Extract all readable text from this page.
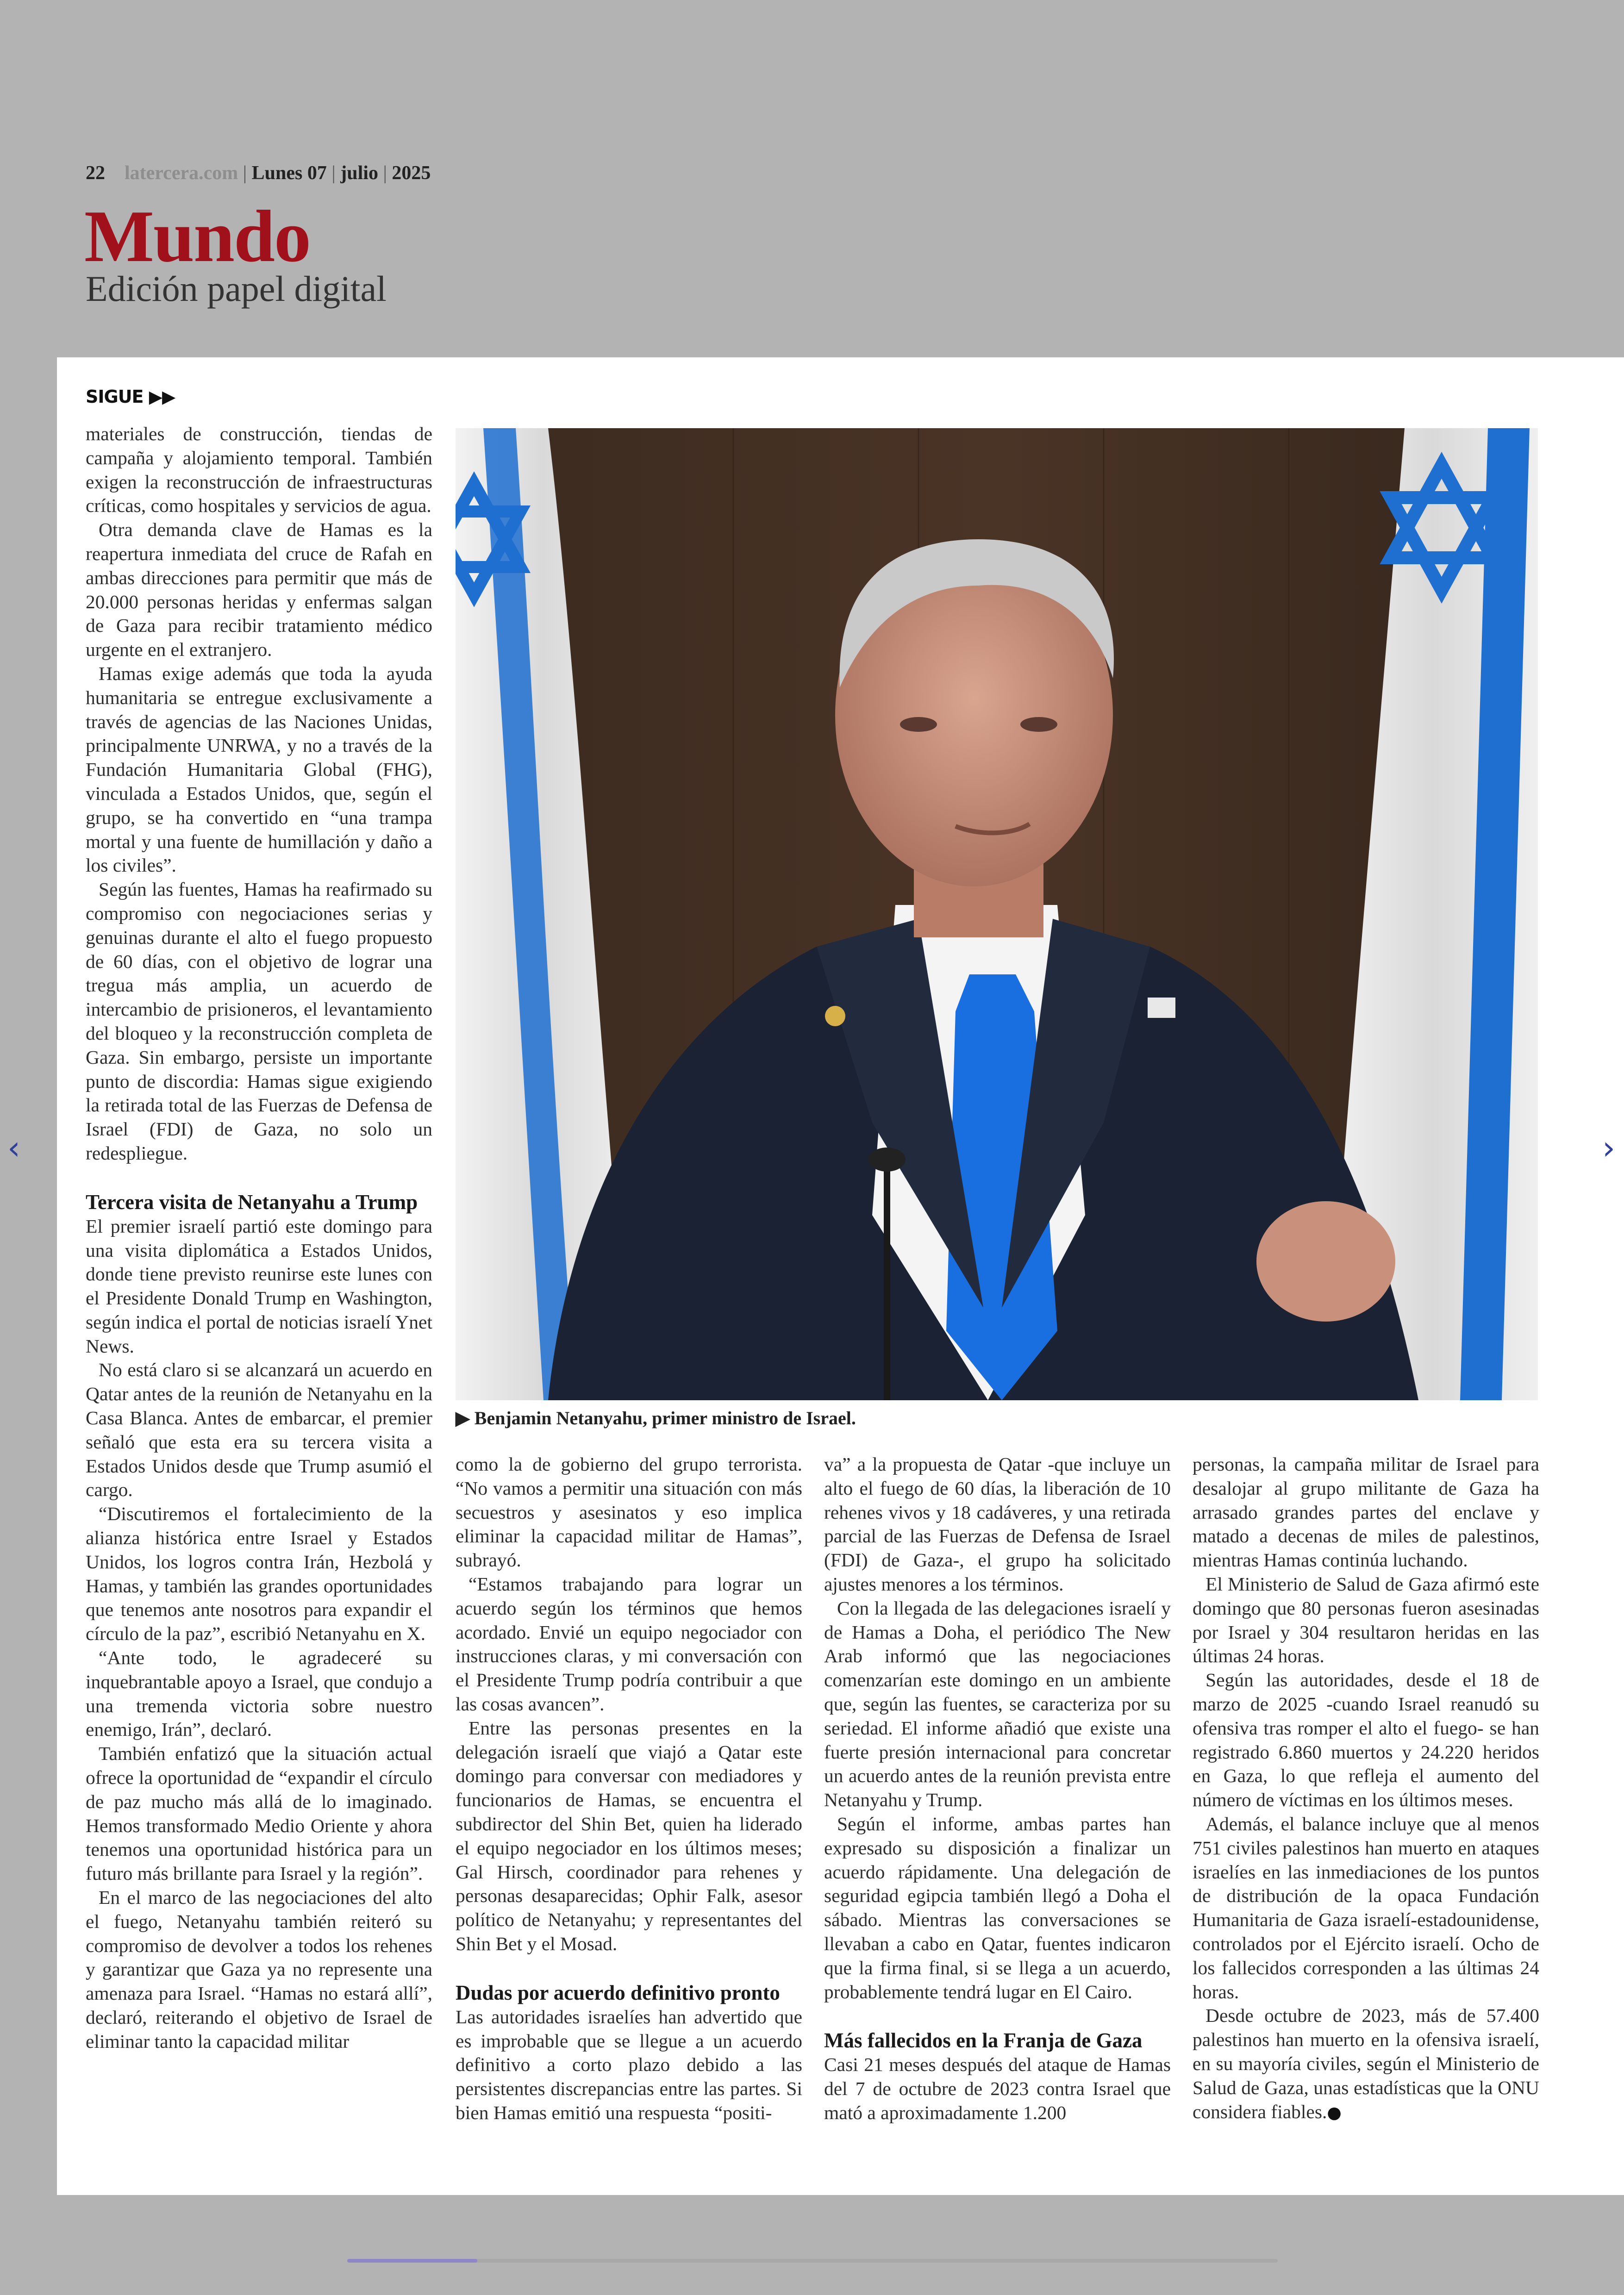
22 latercera.com | Lunes 07 | julio | 2025
Mundo
Edición papel digital
SIGUE ▶▶

materiales de construcción, tiendas de campaña y alojamiento temporal. También exigen la reconstrucción de infraestructuras críticas, como hospitales y servicios de agua.

Otra demanda clave de Hamas es la reapertura inmediata del cruce de Rafah en ambas direcciones para permitir que más de 20.000 personas heridas y enfermas salgan de Gaza para recibir tratamiento médico urgente en el extranjero.

Hamas exige además que toda la ayuda humanitaria se entregue exclusivamente a través de agencias de las Naciones Unidas, principalmente UNRWA, y no a través de la Fundación Humanitaria Global (FHG), vinculada a Estados Unidos, que, según el grupo, se ha convertido en “una trampa mortal y una fuente de humillación y daño a los civiles”.

Según las fuentes, Hamas ha reafirmado su compromiso con negociaciones serias y genuinas durante el alto el fuego propuesto de 60 días, con el objetivo de lograr una tregua más amplia, un acuerdo de intercambio de prisioneros, el levantamiento del bloqueo y la reconstrucción completa de Gaza. Sin embargo, persiste un importante punto de discordia: Hamas sigue exigiendo la retirada total de las Fuerzas de Defensa de Israel (FDI) de Gaza, no solo un redespliegue.

Tercera visita de Netanyahu a Trump

El premier israelí partió este domingo para una visita diplomática a Estados Unidos, donde tiene previsto reunirse este lunes con el Presidente Donald Trump en Washington, según indica el portal de noticias israelí Ynet News.

No está claro si se alcanzará un acuerdo en Qatar antes de la reunión de Netanyahu en la Casa Blanca. Antes de embarcar, el premier señaló que esta era su tercera visita a Estados Unidos desde que Trump asumió el cargo.

“Discutiremos el fortalecimiento de la alianza histórica entre Israel y Estados Unidos, los logros contra Irán, Hezbolá y Hamas, y también las grandes oportunidades que tenemos ante nosotros para expandir el círculo de la paz”, escribió Netanyahu en X.

“Ante todo, le agradeceré su inquebrantable apoyo a Israel, que condujo a una tremenda victoria sobre nuestro enemigo, Irán”, declaró.

También enfatizó que la situación actual ofrece la oportunidad de “expandir el círculo de paz mucho más allá de lo imaginado. Hemos transformado Medio Oriente y ahora tenemos una oportunidad histórica para un futuro más brillante para Israel y la región”.

En el marco de las negociaciones del alto el fuego, Netanyahu también reiteró su compromiso de devolver a todos los rehenes y garantizar que Gaza ya no represente una amenaza para Israel. “Hamas no estará allí”, declaró, reiterando el objetivo de Israel de eliminar tanto la capacidad militar

▶ Benjamin Netanyahu, primer ministro de Israel.

como la de gobierno del grupo terrorista. “No vamos a permitir una situación con más secuestros y asesinatos y eso implica eliminar la capacidad militar de Hamas”, subrayó.

“Estamos trabajando para lograr un acuerdo según los términos que hemos acordado. Envié un equipo negociador con instrucciones claras, y mi conversación con el Presidente Trump podría contribuir a que las cosas avancen”.

Entre las personas presentes en la delegación israelí que viajó a Qatar este domingo para conversar con mediadores y funcionarios de Hamas, se encuentra el subdirector del Shin Bet, quien ha liderado el equipo negociador en los últimos meses; Gal Hirsch, coordinador para rehenes y personas desaparecidas; Ophir Falk, asesor político de Netanyahu; y representantes del Shin Bet y el Mosad.

Dudas por acuerdo definitivo pronto

Las autoridades israelíes han advertido que es improbable que se llegue a un acuerdo definitivo a corto plazo debido a las persistentes discrepancias entre las partes. Si bien Hamas emitió una respuesta “positi-

va” a la propuesta de Qatar -que incluye un alto el fuego de 60 días, la liberación de 10 rehenes vivos y 18 cadáveres, y una retirada parcial de las Fuerzas de Defensa de Israel (FDI) de Gaza-, el grupo ha solicitado ajustes menores a los términos.

Con la llegada de las delegaciones israelí y de Hamas a Doha, el periódico The New Arab informó que las negociaciones comenzarían este domingo en un ambiente que, según las fuentes, se caracteriza por su seriedad. El informe añadió que existe una fuerte presión internacional para concretar un acuerdo antes de la reunión prevista entre Netanyahu y Trump.

Según el informe, ambas partes han expresado su disposición a finalizar un acuerdo rápidamente. Una delegación de seguridad egipcia también llegó a Doha el sábado. Mientras las conversaciones se llevaban a cabo en Qatar, fuentes indicaron que la firma final, si se llega a un acuerdo, probablemente tendrá lugar en El Cairo.

Más fallecidos en la Franja de Gaza

Casi 21 meses después del ataque de Hamas del 7 de octubre de 2023 contra Israel que mató a aproximadamente 1.200

personas, la campaña militar de Israel para desalojar al grupo militante de Gaza ha arrasado grandes partes del enclave y matado a decenas de miles de palestinos, mientras Hamas continúa luchando.

El Ministerio de Salud de Gaza afirmó este domingo que 80 personas fueron asesinadas por Israel y 304 resultaron heridas en las últimas 24 horas.

Según las autoridades, desde el 18 de marzo de 2025 -cuando Israel reanudó su ofensiva tras romper el alto el fuego- se han registrado 6.860 muertos y 24.220 heridos en Gaza, lo que refleja el aumento del número de víctimas en los últimos meses.

Además, el balance incluye que al menos 751 civiles palestinos han muerto en ataques israelíes en las inmediaciones de los puntos de distribución de la opaca Fundación Humanitaria de Gaza israelí-estadounidense, controlados por el Ejército israelí. Ocho de los fallecidos corresponden a las últimas 24 horas.

Desde octubre de 2023, más de 57.400 palestinos han muerto en la ofensiva israelí, en su mayoría civiles, según el Ministerio de Salud de Gaza, unas estadísticas que la ONU considera fiables.●

‹	›
